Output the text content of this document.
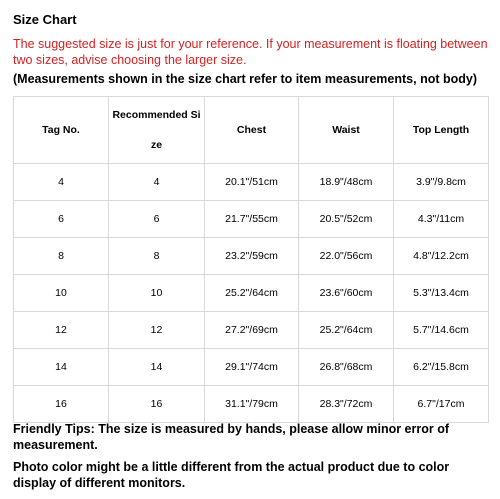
Size Chart
The suggested size is just for your reference. If your measurement is floating between two sizes, advise choosing the larger size.
(Measurements shown in the size chart refer to item measurements, not body)
Tag No.	Recommended Size	Chest	Waist	Top Length
4	4	20.1"/51cm	18.9"/48cm	3.9"/9.8cm
6	6	21.7"/55cm	20.5"/52cm	4.3"/11cm
8	8	23.2"/59cm	22.0"/56cm	4.8"/12.2cm
10	10	25.2"/64cm	23.6"/60cm	5.3"/13.4cm
12	12	27.2"/69cm	25.2"/64cm	5.7"/14.6cm
14	14	29.1"/74cm	26.8"/68cm	6.2"/15.8cm
16	16	31.1"/79cm	28.3"/72cm	6.7"/17cm
Friendly Tips: The size is measured by hands, please allow minor error of measurement.
Photo color might be a little different from the actual product due to color display of different monitors.
